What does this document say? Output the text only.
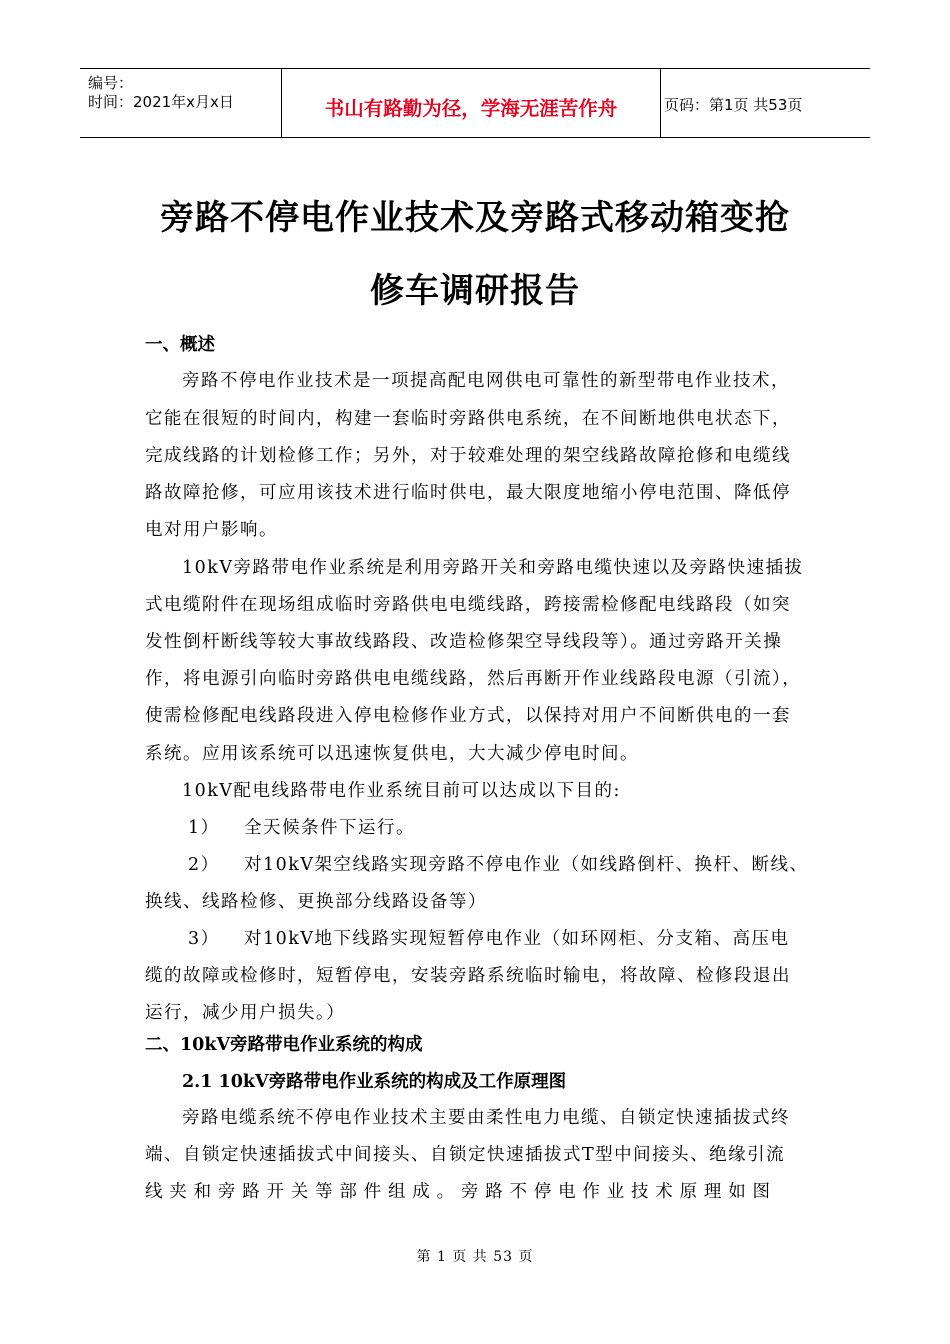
编号：
时间：2021年x月x日	书山有路勤为径，学海无涯苦作舟	页码：第1页 共53页
旁路不停电作业技术及旁路式移动箱变抢
修车调研报告
一、概述
旁路不停电作业技术是一项提高配电网供电可靠性的新型带电作业技术，
它能在很短的时间内，构建一套临时旁路供电系统，在不间断地供电状态下，
完成线路的计划检修工作；另外，对于较难处理的架空线路故障抢修和电缆线
路故障抢修，可应用该技术进行临时供电，最大限度地缩小停电范围、降低停
电对用户影响。
10kV旁路带电作业系统是利用旁路开关和旁路电缆快速以及旁路快速插拔
式电缆附件在现场组成临时旁路供电电缆线路，跨接需检修配电线路段（如突
发性倒杆断线等较大事故线路段、改造检修架空导线段等）。通过旁路开关操
作，将电源引向临时旁路供电电缆线路，然后再断开作业线路段电源（引流），
使需检修配电线路段进入停电检修作业方式，以保持对用户不间断供电的一套
系统。应用该系统可以迅速恢复供电，大大减少停电时间。
10kV配电线路带电作业系统目前可以达成以下目的:
1） 全天候条件下运行。
2） 对10kV架空线路实现旁路不停电作业（如线路倒杆、换杆、断线、
换线、线路检修、更换部分线路设备等）
3） 对10kV地下线路实现短暂停电作业（如环网柜、分支箱、高压电
缆的故障或检修时，短暂停电，安装旁路系统临时输电，将故障、检修段退出
运行，减少用户损失。）
二、10kV旁路带电作业系统的构成
2.1 10kV旁路带电作业系统的构成及工作原理图
旁路电缆系统不停电作业技术主要由柔性电力电缆、自锁定快速插拔式终
端、自锁定快速插拔式中间接头、自锁定快速插拔式T型中间接头、绝缘引流
线夹和旁路开关等部件组成。旁路不停电作业技术原理如图
第 1 页 共 53 页
